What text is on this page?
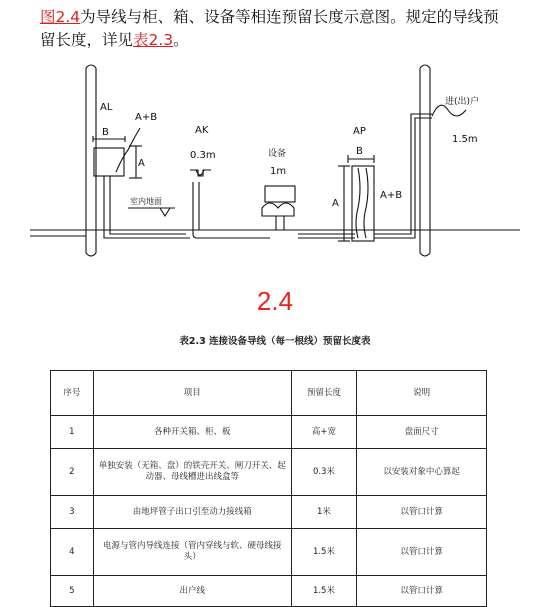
图2.4为导线与柜、箱、设备等相连预留长度示意图。规定的导线预留长度，详见表2.3。
AL
B
A+B
A
室内地面
AK
0.3m	设备
1m
AP
B
A
A+B
进(出)户
1.5m
2.4
表2.3 连接设备导线（每一根线）预留长度表
序号	项目	预留长度	说明
1	各种开关箱、柜、板	高+宽	盘面尺寸
2	单独安装（无箱、盘）的铁壳开关、闸刀开关、起动器、母线槽进出线盒等	0.3米	以安装对象中心算起
3	由地坪管子出口引至动力接线箱	1米	以管口计算
4	电源与管内导线连接（管内穿线与软、硬母线接头）	1.5米	以管口计算
5	出户线	1.5米	以管口计算
